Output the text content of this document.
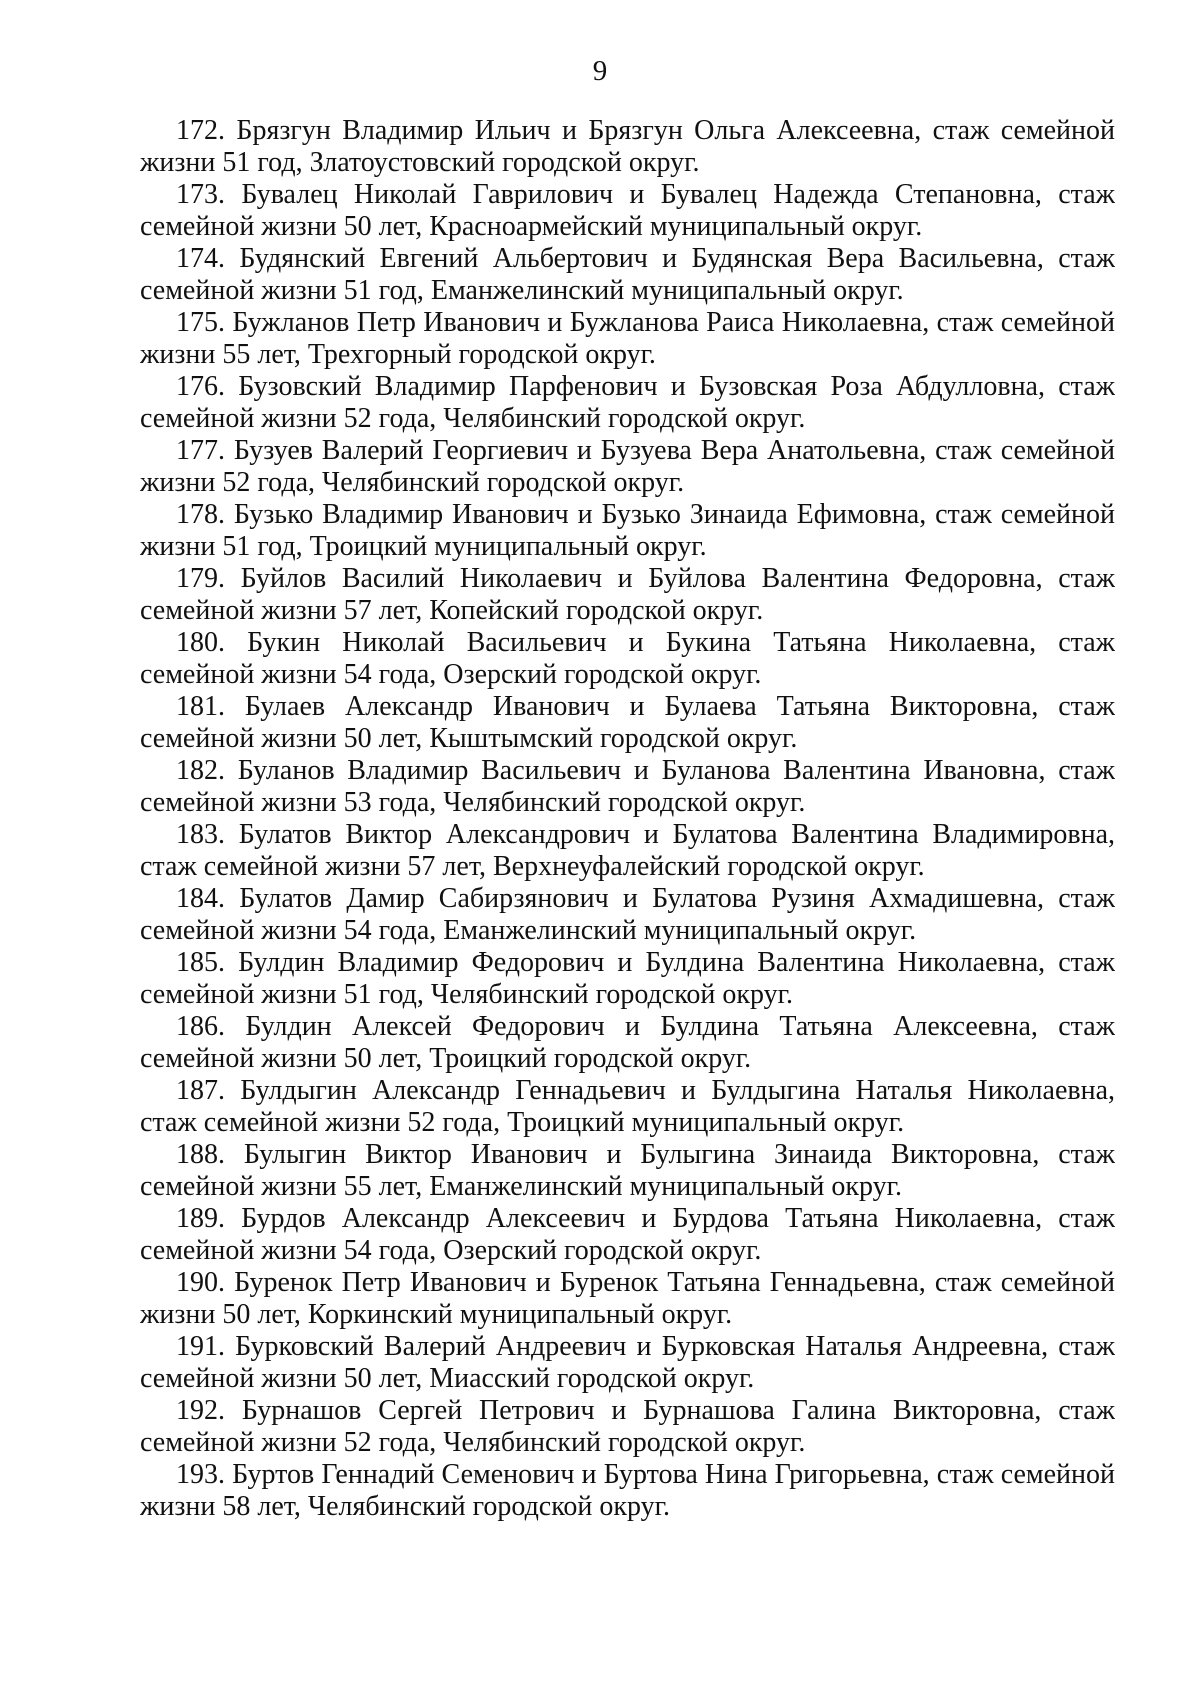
9
172. Брязгун Владимир Ильич и Брязгун Ольга Алексеевна, стаж семейной жизни 51 год, Златоустовский городской округ.
173. Бувалец Николай Гаврилович и Бувалец Надежда Степановна, стаж семейной жизни 50 лет, Красноармейский муниципальный округ.
174. Будянский Евгений Альбертович и Будянская Вера Васильевна, стаж семейной жизни 51 год, Еманжелинский муниципальный округ.
175. Бужланов Петр Иванович и Бужланова Раиса Николаевна, стаж семейной жизни 55 лет, Трехгорный городской округ.
176. Бузовский Владимир Парфенович и Бузовская Роза Абдулловна, стаж семейной жизни 52 года, Челябинский городской округ.
177. Бузуев Валерий Георгиевич и Бузуева Вера Анатольевна, стаж семейной жизни 52 года, Челябинский городской округ.
178. Бузько Владимир Иванович и Бузько Зинаида Ефимовна, стаж семейной жизни 51 год, Троицкий муниципальный округ.
179. Буйлов Василий Николаевич и Буйлова Валентина Федоровна, стаж семейной жизни 57 лет, Копейский городской округ.
180. Букин Николай Васильевич и Букина Татьяна Николаевна, стаж семейной жизни 54 года, Озерский городской округ.
181. Булаев Александр Иванович и Булаева Татьяна Викторовна, стаж семейной жизни 50 лет, Кыштымский городской округ.
182. Буланов Владимир Васильевич и Буланова Валентина Ивановна, стаж семейной жизни 53 года, Челябинский городской округ.
183. Булатов Виктор Александрович и Булатова Валентина Владимировна, стаж семейной жизни 57 лет, Верхнеуфалейский городской округ.
184. Булатов Дамир Сабирзянович и Булатова Рузиня Ахмадишевна, стаж семейной жизни 54 года, Еманжелинский муниципальный округ.
185. Булдин Владимир Федорович и Булдина Валентина Николаевна, стаж семейной жизни 51 год, Челябинский городской округ.
186. Булдин Алексей Федорович и Булдина Татьяна Алексеевна, стаж семейной жизни 50 лет, Троицкий городской округ.
187. Булдыгин Александр Геннадьевич и Булдыгина Наталья Николаевна, стаж семейной жизни 52 года, Троицкий муниципальный округ.
188. Булыгин Виктор Иванович и Булыгина Зинаида Викторовна, стаж семейной жизни 55 лет, Еманжелинский муниципальный округ.
189. Бурдов Александр Алексеевич и Бурдова Татьяна Николаевна, стаж семейной жизни 54 года, Озерский городской округ.
190. Буренок Петр Иванович и Буренок Татьяна Геннадьевна, стаж семейной жизни 50 лет, Коркинский муниципальный округ.
191. Бурковский Валерий Андреевич и Бурковская Наталья Андреевна, стаж семейной жизни 50 лет, Миасский городской округ.
192. Бурнашов Сергей Петрович и Бурнашова Галина Викторовна, стаж семейной жизни 52 года, Челябинский городской округ.
193. Буртов Геннадий Семенович и Буртова Нина Григорьевна, стаж семейной жизни 58 лет, Челябинский городской округ.
